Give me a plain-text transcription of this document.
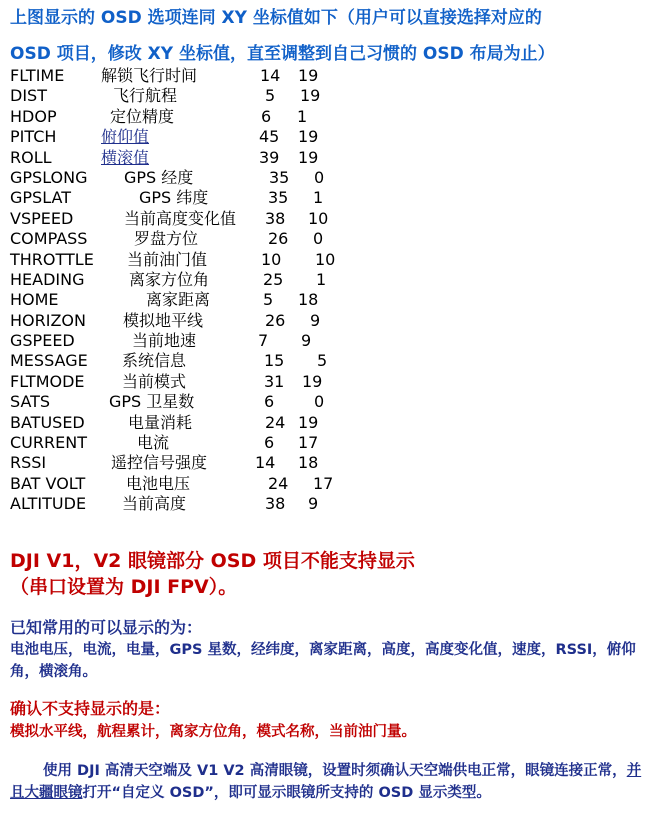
上图显示的 OSD 选项连同 XY 坐标值如下（用户可以直接选择对应的
OSD 项目，修改 XY 坐标值，直至调整到自己习惯的 OSD 布局为止）
FLTIME 解锁飞行时间	14 19
DIST	飞行航程	5 19
HDOP	定位精度	6 1
PITCH	俯仰值	45 19
ROLL	横滚值	39 19
GPSLONG GPS 经度	35 0
GPSLAT	GPS 纬度	35 1
VSPEED	当前高度变化值 38 10
COMPASS	罗盘方位	26 0
THROTTLE 当前油门值	10 10
HEADING	离家方位角	25 1
HOME	离家距离	5 18
HORIZON 模拟地平线	26 9
GSPEED	当前地速	7 9
MESSAGE 系统信息	15 5
FLTMODE 当前模式	31 19
SATS	GPS 卫星数	6 0
BATUSED	电量消耗	24 19
CURRENT	电流	6 17
RSSI	遥控信号强度	14 18
BAT VOLT	电池电压	24 17
ALTITUDE 当前高度	38 9
DJI V1，V2 眼镜部分 OSD 项目不能支持显示
（串口设置为 DJI FPV）。
已知常用的可以显示的为：
电池电压，电流，电量，GPS 星数，经纬度，离家距离，高度，高度变化值，速度，RSSI，俯仰角，横滚角。
确认不支持显示的是：
模拟水平线，航程累计，离家方位角，模式名称，当前油门量。
使用 DJI 高清天空端及 V1 V2 高清眼镜，设置时须确认天空端供电正常，眼镜连接正常，并且大疆眼镜打开“自定义 OSD”，即可显示眼镜所支持的 OSD 显示类型。
